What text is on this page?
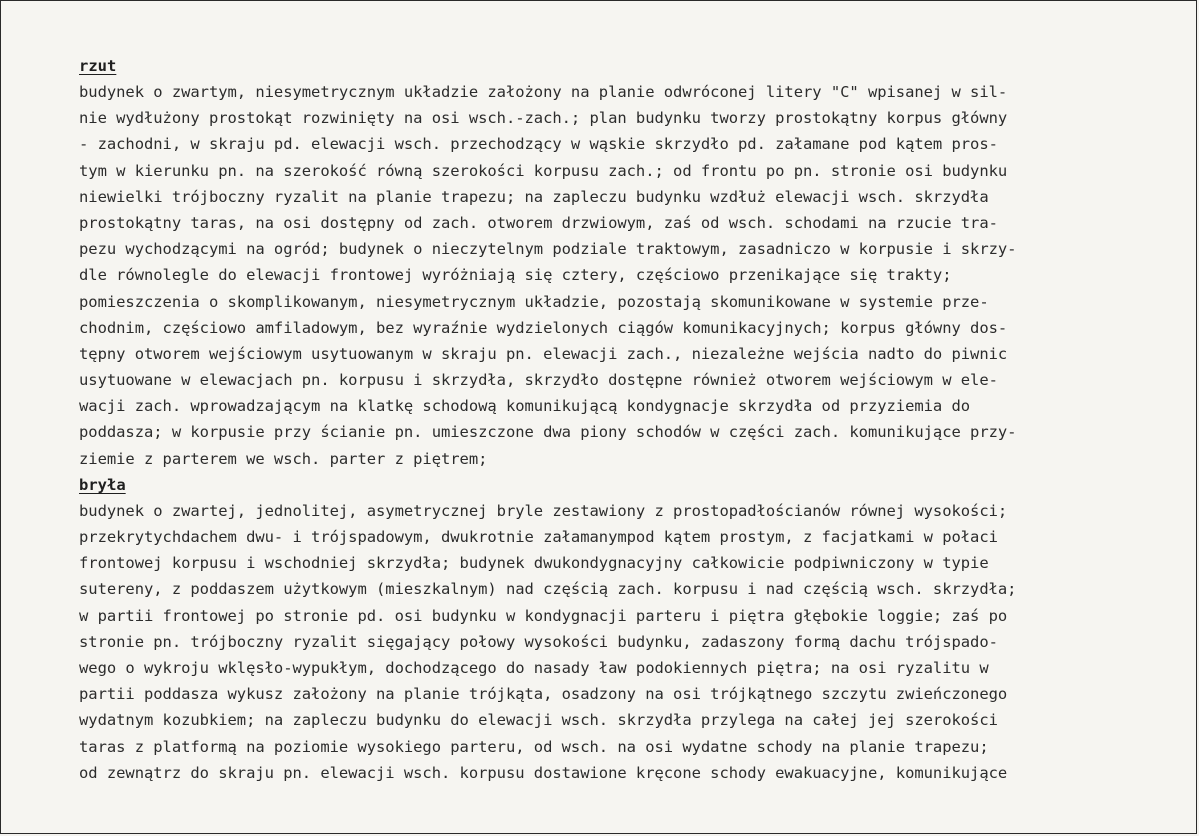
rzut
budynek o zwartym, niesymetrycznym układzie założony na planie odwróconej litery "C" wpisanej w sil-
nie wydłużony prostokąt rozwinięty na osi wsch.-zach.; plan budynku tworzy prostokątny korpus główny
- zachodni, w skraju pd. elewacji wsch. przechodzący w wąskie skrzydło pd. załamane pod kątem pros-
tym w kierunku pn. na szerokość równą szerokości korpusu zach.; od frontu po pn. stronie osi budynku
niewielki trójboczny ryzalit na planie trapezu; na zapleczu budynku wzdłuż elewacji wsch. skrzydła
prostokątny taras, na osi dostępny od zach. otworem drzwiowym, zaś od wsch. schodami na rzucie tra-
pezu wychodzącymi na ogród; budynek o nieczytelnym podziale traktowym, zasadniczo w korpusie i skrzy-
dle równolegle do elewacji frontowej wyróżniają się cztery, częściowo przenikające się trakty;
pomieszczenia o skomplikowanym, niesymetrycznym układzie, pozostają skomunikowane w systemie prze-
chodnim, częściowo amfiladowym, bez wyraźnie wydzielonych ciągów komunikacyjnych; korpus główny dos-
tępny otworem wejściowym usytuowanym w skraju pn. elewacji zach., niezależne wejścia nadto do piwnic
usytuowane w elewacjach pn. korpusu i skrzydła, skrzydło dostępne również otworem wejściowym w ele-
wacji zach. wprowadzającym na klatkę schodową komunikującą kondygnacje skrzydła od przyziemia do
poddasza; w korpusie przy ścianie pn. umieszczone dwa piony schodów w części zach. komunikujące przy-
ziemie z parterem we wsch. parter z piętrem;
bryła
budynek o zwartej, jednolitej, asymetrycznej bryle zestawiony z prostopadłościanów równej wysokości;
przekrytychdachem dwu- i trójspadowym, dwukrotnie załamanympod kątem prostym, z facjatkami w połaci
frontowej korpusu i wschodniej skrzydła; budynek dwukondygnacyjny całkowicie podpiwniczony w typie
sutereny, z poddaszem użytkowym (mieszkalnym) nad częścią zach. korpusu i nad częścią wsch. skrzydła;
w partii frontowej po stronie pd. osi budynku w kondygnacji parteru i piętra głębokie loggie; zaś po
stronie pn. trójboczny ryzalit sięgający połowy wysokości budynku, zadaszony formą dachu trójspado-
wego o wykroju wklęsło-wypukłym, dochodzącego do nasady ław podokiennych piętra; na osi ryzalitu w
partii poddasza wykusz założony na planie trójkąta, osadzony na osi trójkątnego szczytu zwieńczonego
wydatnym kozubkiem; na zapleczu budynku do elewacji wsch. skrzydła przylega na całej jej szerokości
taras z platformą na poziomie wysokiego parteru, od wsch. na osi wydatne schody na planie trapezu;
od zewnątrz do skraju pn. elewacji wsch. korpusu dostawione kręcone schody ewakuacyjne, komunikujące
